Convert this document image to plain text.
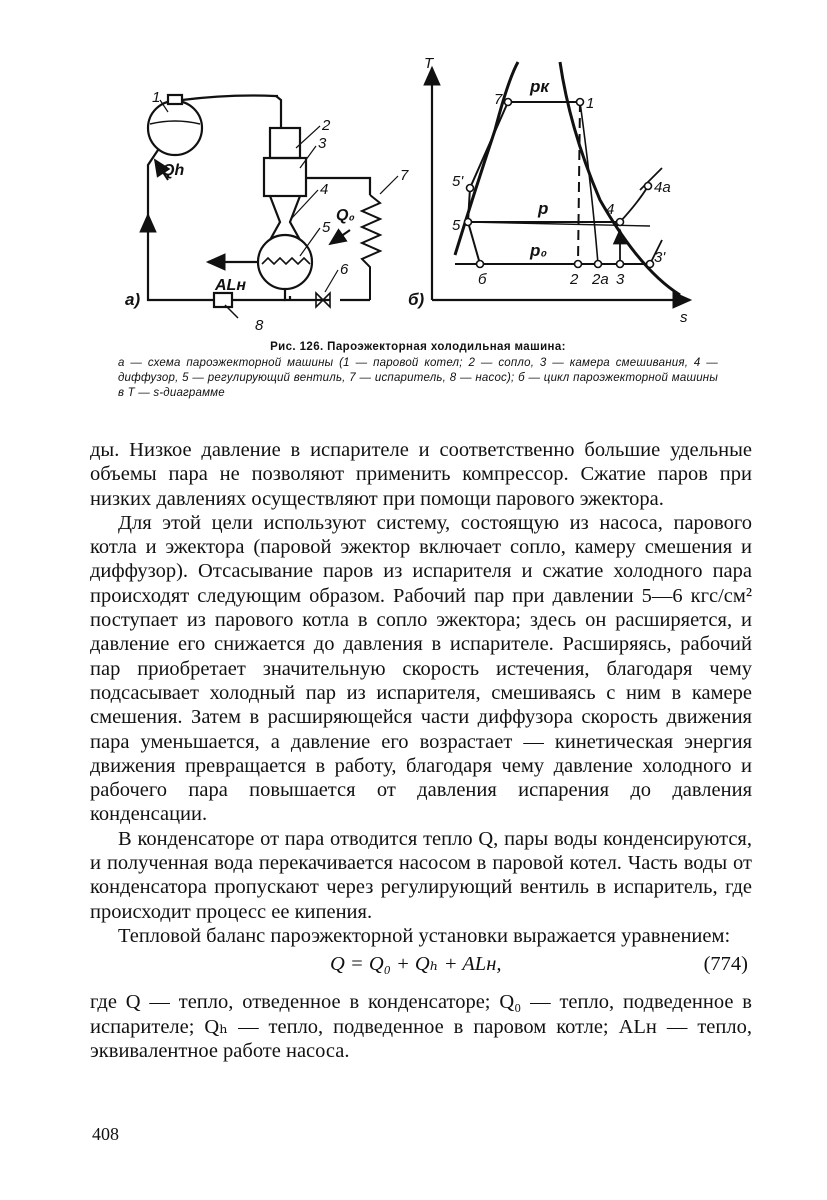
1
2
3
4
5
6
7
8
Qh
Q₀
ALн
а)
T
s
pк
p
p₀
7	1
5'
5
4a
4
б	2 2a 3
3'
б)
Рис. 126. Пароэжекторная холодильная машина:
а — схема пароэжекторной машины (1 — паровой котел; 2 — сопло, 3 — камера смешивания, 4 — диффузор, 5 — регулирующий вентиль, 7 — испаритель, 8 — насос); б — цикл пароэжекторной машины в T — s-диаграмме

ды. Низкое давление в испарителе и соответственно большие удельные объемы пара не позволяют применить компрессор. Сжатие паров при низких давлениях осуществляют при помощи парового эжектора.

Для этой цели используют систему, состоящую из насоса, парового котла и эжектора (паровой эжектор включает сопло, камеру смешения и диффузор). Отсасывание паров из испарителя и сжатие холодного пара происходят следующим образом. Рабочий пар при давлении 5—6 кгс/см² поступает из парового котла в сопло эжектора; здесь он расширяется, и давление его снижается до давления в испарителе. Расширяясь, рабочий пар приобретает значительную скорость истечения, благодаря чему подсасывает холодный пар из испарителя, смешиваясь с ним в камере смешения. Затем в расширяющейся части диффузора скорость движения пара уменьшается, а давление его возрастает — кинетическая энергия движения превращается в работу, благодаря чему давление холодного и рабочего пара повышается от давления испарения до давления конденсации.

В конденсаторе от пара отводится тепло Q, пары воды конденсируются, и полученная вода перекачивается насосом в паровой котел. Часть воды от конденсатора пропускают через регулирующий вентиль в испаритель, где происходит процесс ее кипения.

Тепловой баланс пароэжекторной установки выражается уравнением:

Q = Q₀ + Qₕ + ALн,	(774)

где Q — тепло, отведенное в конденсаторе; Q₀ — тепло, подведенное в испарителе; Qₕ — тепло, подведенное в паровом котле; ALн — тепло, эквивалентное работе насоса.

408
